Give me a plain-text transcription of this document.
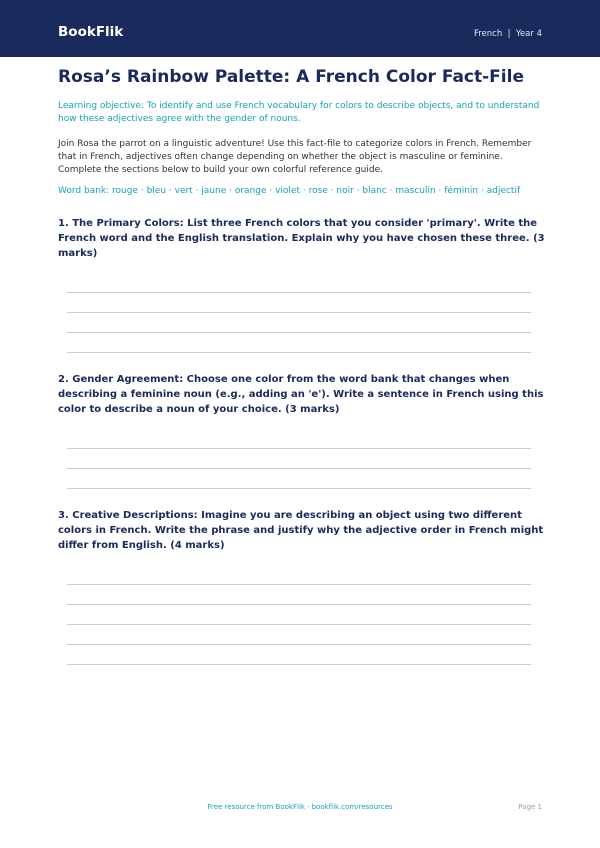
BookFlik	French  |  Year 4
Rosa’s Rainbow Palette: A French Color Fact-File
Learning objective: To identify and use French vocabulary for colors to describe objects, and to understand how these adjectives agree with the gender of nouns.
Join Rosa the parrot on a linguistic adventure! Use this fact-file to categorize colors in French. Remember that in French, adjectives often change depending on whether the object is masculine or feminine. Complete the sections below to build your own colorful reference guide.
Word bank: rouge · bleu · vert · jaune · orange · violet · rose · noir · blanc · masculin · féminin · adjectif
1. The Primary Colors: List three French colors that you consider 'primary'. Write the French word and the English translation. Explain why you have chosen these three. (3 marks)
2. Gender Agreement: Choose one color from the word bank that changes when describing a feminine noun (e.g., adding an 'e'). Write a sentence in French using this color to describe a noun of your choice. (3 marks)
3. Creative Descriptions: Imagine you are describing an object using two different colors in French. Write the phrase and justify why the adjective order in French might differ from English. (4 marks)
Free resource from BookFlik · bookflik.com/resources	Page 1
